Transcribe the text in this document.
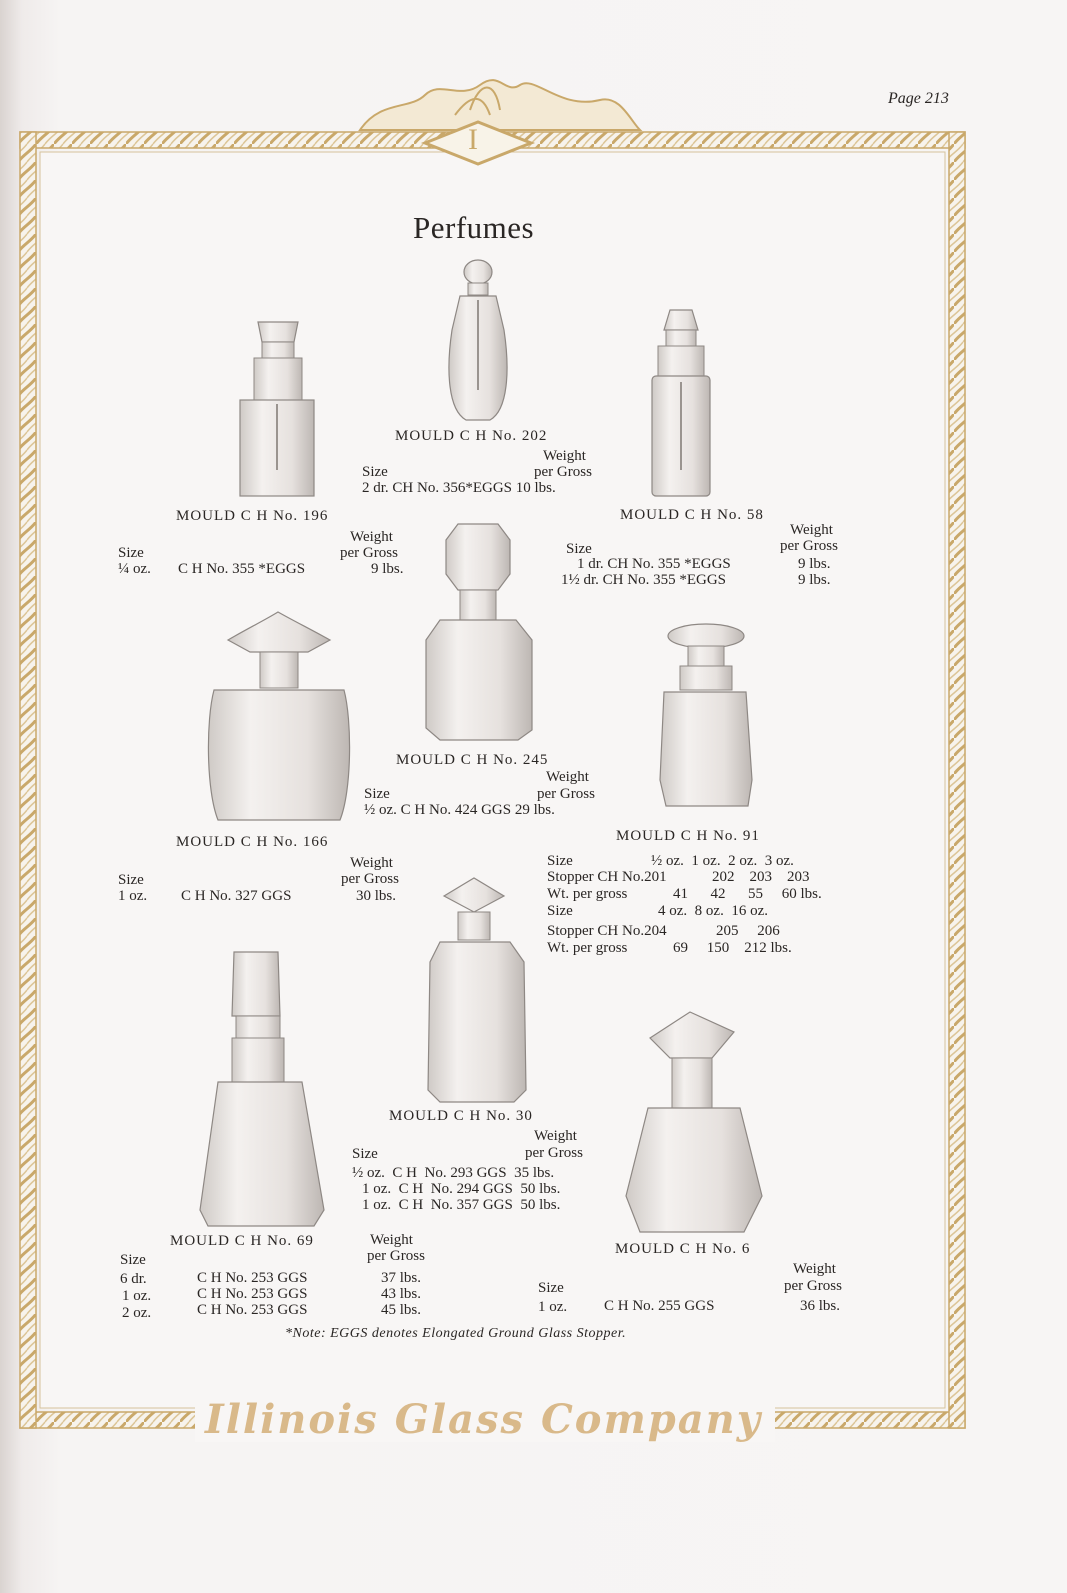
Page 213
I
Perfumes
MOULD C H No. 202
Weight
per Gross
Size
2 dr. CH No. 356*EGGS 10 lbs.
MOULD C H No. 196
Weight
per Gross
Size
¼ oz. C H No. 355 *EGGS	9 lbs.
MOULD C H No. 58
Weight
per Gross
Size
1 dr. CH No. 355 *EGGS	9 lbs.
1½ dr. CH No. 355 *EGGS	9 lbs.
MOULD C H No. 245
Weight
per Gross
Size
½ oz. C H No. 424 GGS 29 lbs.
MOULD C H No. 166
Weight
per Gross
Size
1 oz. C H No. 327 GGS	30 lbs.
MOULD C H No. 91
Size	½ oz.  1 oz.  2 oz.  3 oz.
Stopper CH No.201	202    203    203
Wt. per gross	41      42      55     60 lbs.
Size	4 oz.  8 oz.  16 oz.
Stopper CH No.204	205     206
Wt. per gross	69     150    212 lbs.
MOULD C H No. 30
Weight
per Gross
Size
½ oz.  C H  No. 293 GGS  35 lbs.
1 oz.  C H  No. 294 GGS  50 lbs.
1 oz.  C H  No. 357 GGS  50 lbs.
MOULD C H No. 69	Weight
per Gross
Size
6 dr.	C H No. 253 GGS	37 lbs.
1 oz.	C H No. 253 GGS	43 lbs.
2 oz.	C H No. 253 GGS	45 lbs.
MOULD C H No. 6
Weight
per Gross
Size
1 oz. C H No. 255 GGS	36 lbs.
*Note: EGGS denotes Elongated Ground Glass Stopper.
Illinois Glass Company
